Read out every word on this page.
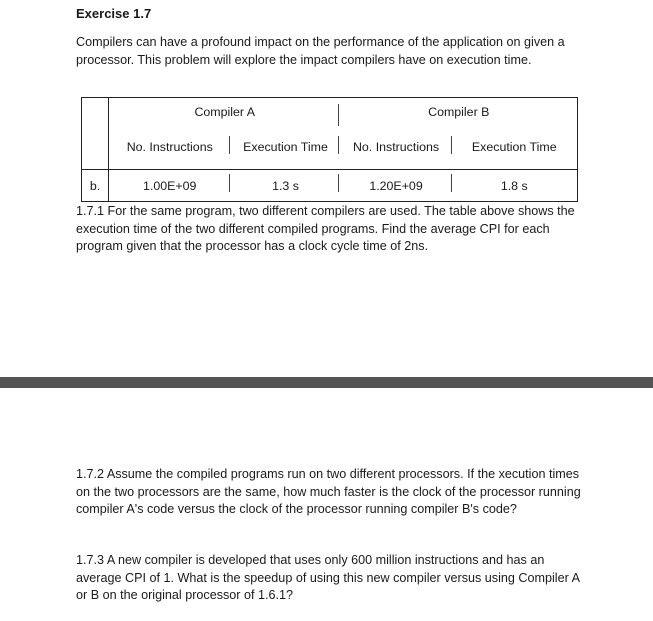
Exercise 1.7
Compilers can have a profound impact on the performance of the application on given a processor. This problem will explore the impact compilers have on execution time.
	Compiler A		Compiler B	
	No. Instructions	Execution Time	No. Instructions	Execution Time
b.	1.00E+09	1.3 s	1.20E+09	1.8 s
1.7.1 For the same program, two different compilers are used. The table above shows the execution time of the two different compiled programs. Find the average CPI for each program given that the processor has a clock cycle time of 2ns.
1.7.2 Assume the compiled programs run on two different processors. If the xecution times on the two processors are the same, how much faster is the clock of the processor running compiler A's code versus the clock of the processor running compiler B's code?
1.7.3 A new compiler is developed that uses only 600 million instructions and has an average CPI of 1. What is the speedup of using this new compiler versus using Compiler A or B on the original processor of 1.6.1?
